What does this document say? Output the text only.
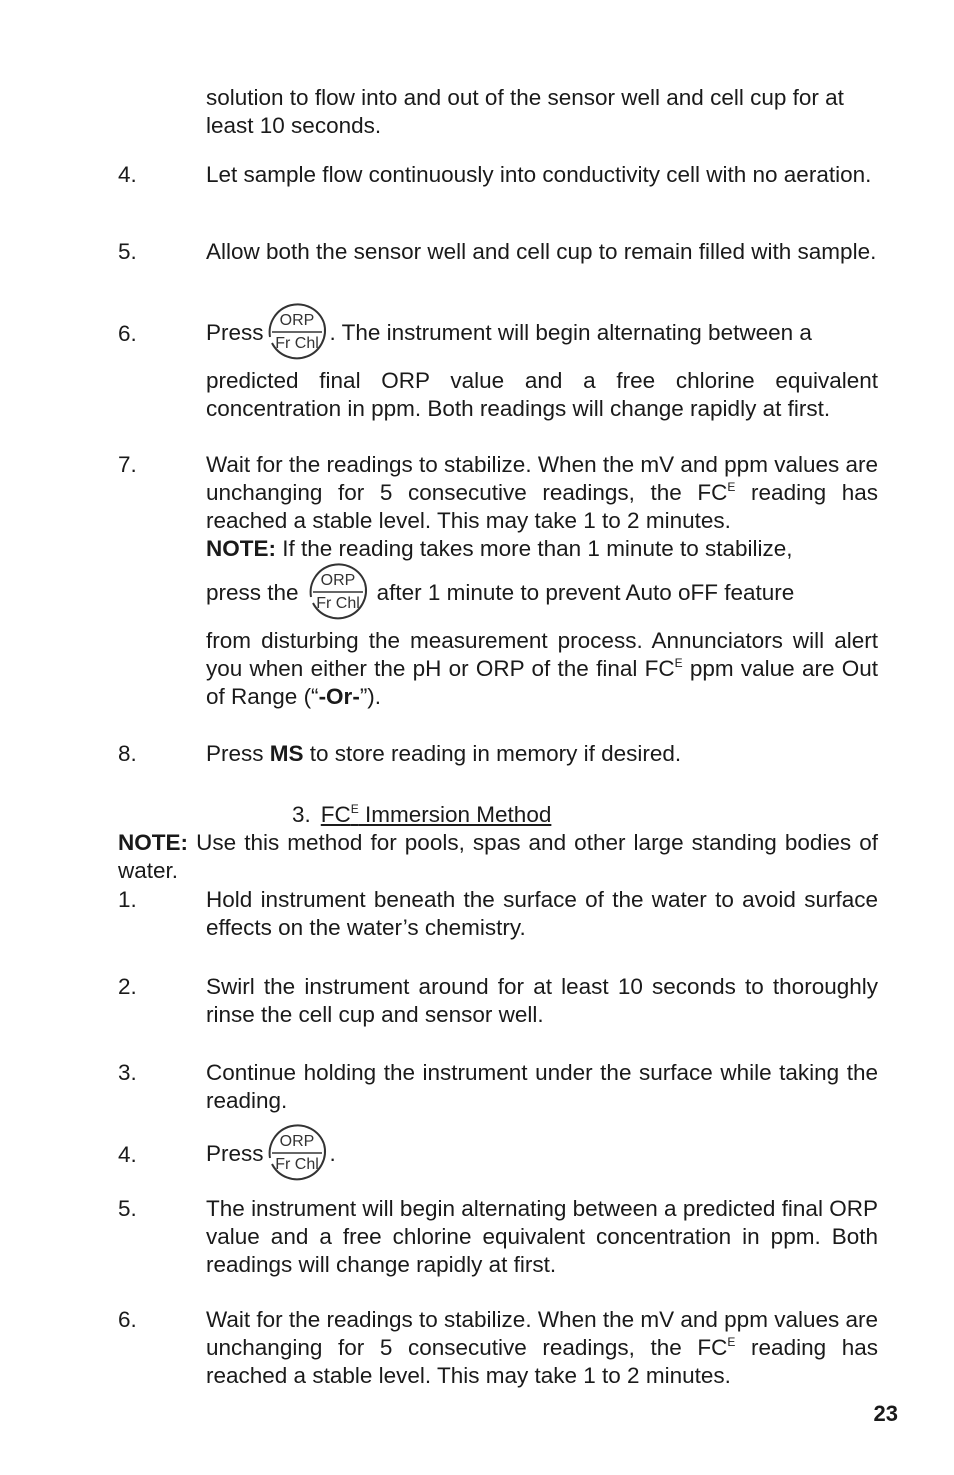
solution to flow into and out of the sensor well and cell cup for at least 10 seconds.
4.	Let sample flow continuously into conductivity cell with no aeration.
5.	Allow both the sensor well and cell cup to remain filled with sample.
6.	Press ORP
Fr Chl . The instrument will begin alternating between a
predicted final ORP value and a free chlorine equivalent concentration in ppm. Both readings will change rapidly at first.
7.	Wait for the readings to stabilize. When the mV and ppm values are unchanging for 5 consecutive readings, the $FC^E$ reading has reached a stable level. This may take 1 to 2 minutes.
NOTE: If the reading takes more than 1 minute to stabilize,
press the ORP
Fr Chl after 1 minute to prevent Auto oFF feature
from disturbing the measurement process. Annunciators will alert you when either the pH or ORP of the final $FC^E$ ppm value are Out of Range (“-Or-”).
8.	Press MS to store reading in memory if desired.
3. $FC^E$ Immersion Method
NOTE: Use this method for pools, spas and other large standing bodies of water.
1.	Hold instrument beneath the surface of the water to avoid surface effects on the water’s chemistry.
2.	Swirl the instrument around for at least 10 seconds to thoroughly rinse the cell cup and sensor well.
3.	Continue holding the instrument under the surface while taking the reading.
4.	Press ORP
Fr Chl .
5.	The instrument will begin alternating between a predicted final ORP value and a free chlorine equivalent concentration in ppm. Both readings will change rapidly at first.
6.	Wait for the readings to stabilize. When the mV and ppm values are unchanging for 5 consecutive readings, the $FC^E$ reading has reached a stable level. This may take 1 to 2 minutes.
23
